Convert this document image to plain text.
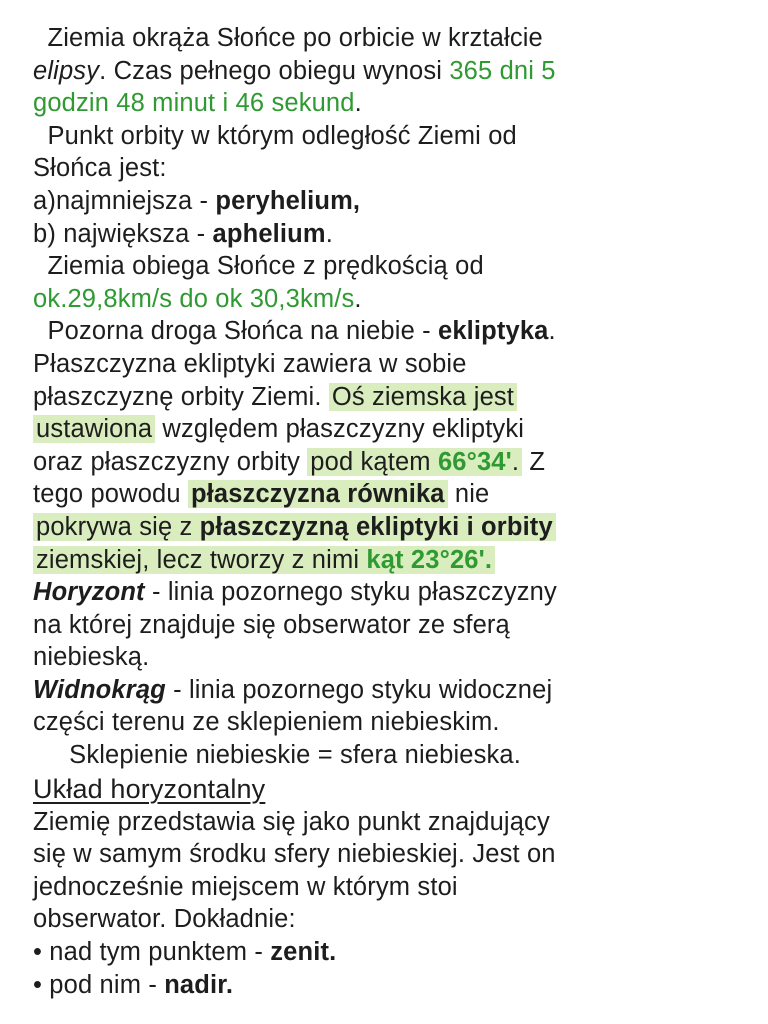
Ziemia okrąża Słońce po orbicie w krztałcie
elipsy. Czas pełnego obiegu wynosi 365 dni 5
godzin 48 minut i 46 sekund.
Punkt orbity w którym odległość Ziemi od
Słońca jest:
a)najmniejsza - peryhelium,
b) największa - aphelium.
Ziemia obiega Słońce z prędkością od
ok.29,8km/s do ok 30,3km/s.
Pozorna droga Słońca na niebie - ekliptyka.
Płaszczyzna ekliptyki zawiera w sobie
płaszczyznę orbity Ziemi. Oś ziemska jest
ustawiona względem płaszczyzny ekliptyki
oraz płaszczyzny orbity pod kątem 66°34'. Z
tego powodu płaszczyzna równika nie
pokrywa się z płaszczyzną ekliptyki i orbity
ziemskiej, lecz tworzy z nimi kąt 23°26'.
Horyzont - linia pozornego styku płaszczyzny
na której znajduje się obserwator ze sferą
niebieską.
Widnokrąg - linia pozornego styku widocznej
części terenu ze sklepieniem niebieskim.
Sklepienie niebieskie = sfera niebieska.
Układ horyzontalny
Ziemię przedstawia się jako punkt znajdujący
się w samym środku sfery niebieskiej. Jest on
jednocześnie miejscem w którym stoi
obserwator. Dokładnie:
• nad tym punktem - zenit.
• pod nim - nadir.
